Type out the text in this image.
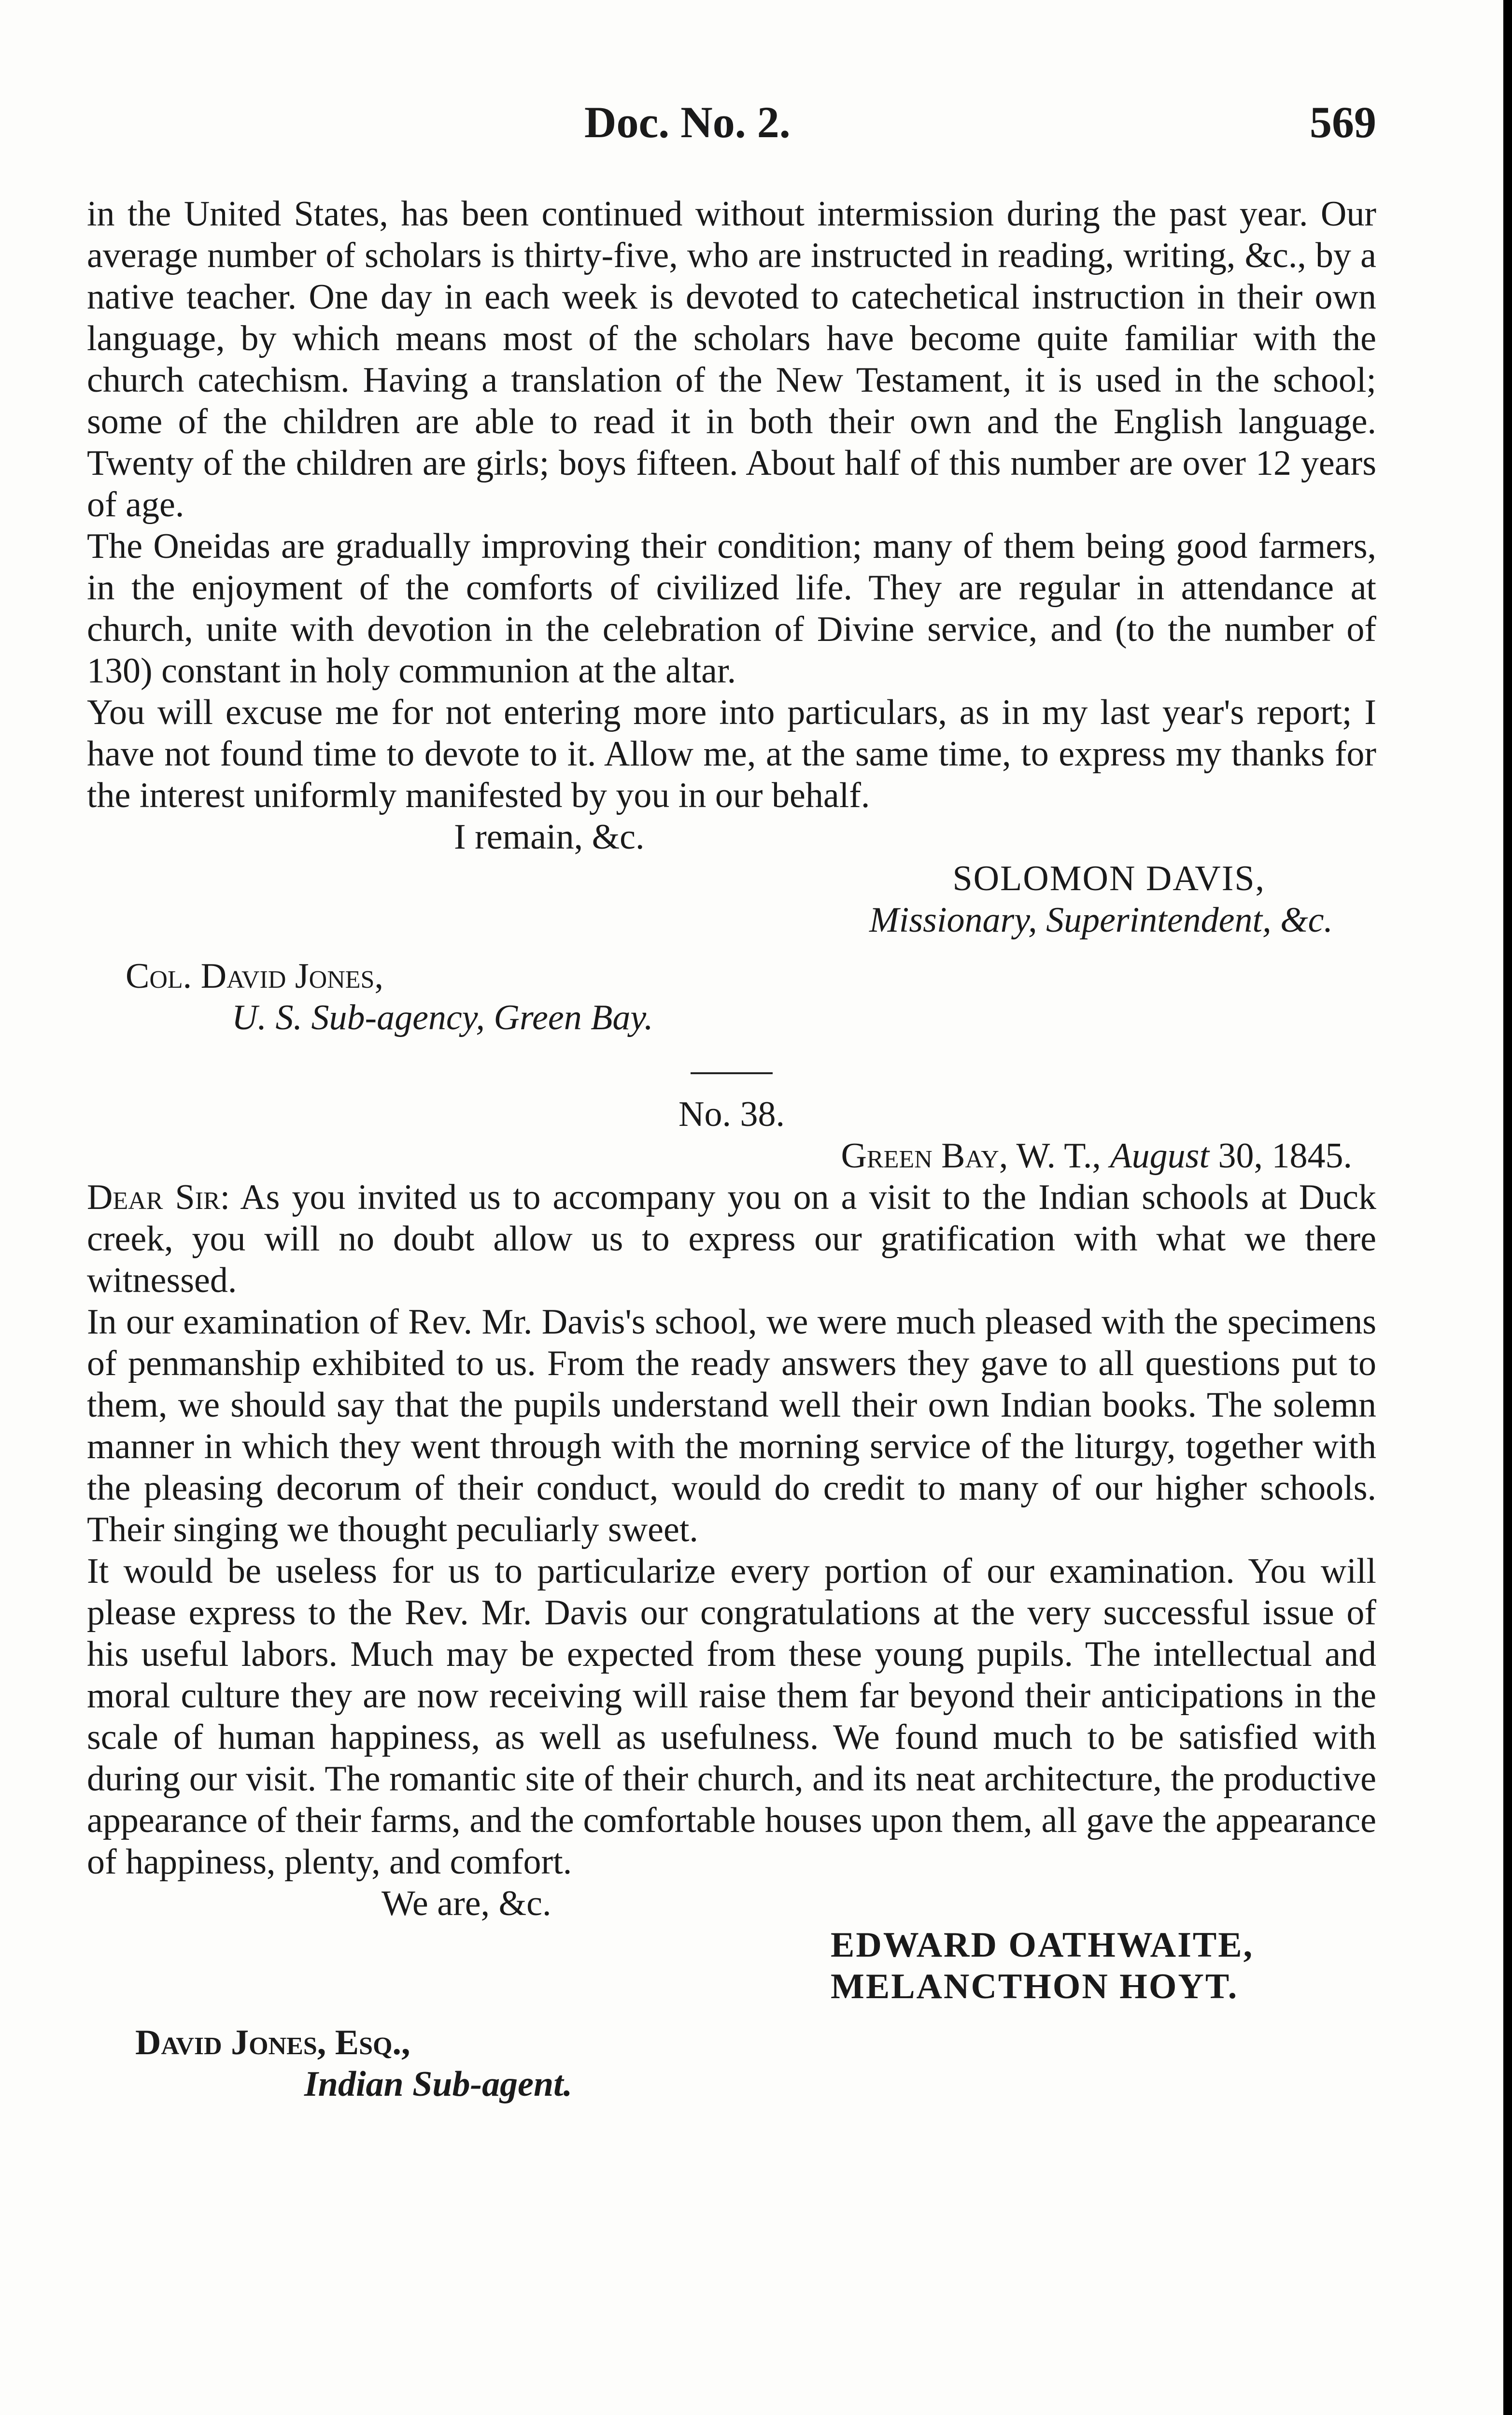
Doc. No. 2.	569

in the United States, has been continued without intermission during the past year. Our average number of scholars is thirty-five, who are instructed in reading, writing, &c., by a native teacher. One day in each week is devoted to catechetical instruction in their own language, by which means most of the scholars have become quite familiar with the church catechism. Having a translation of the New Testament, it is used in the school; some of the children are able to read it in both their own and the English language. Twenty of the children are girls; boys fifteen. About half of this number are over 12 years of age.

The Oneidas are gradually improving their condition; many of them being good farmers, in the enjoyment of the comforts of civilized life. They are regular in attendance at church, unite with devotion in the celebration of Divine service, and (to the number of 130) constant in holy communion at the altar.

You will excuse me for not entering more into particulars, as in my last year's report; I have not found time to devote to it. Allow me, at the same time, to express my thanks for the interest uniformly manifested by you in our behalf.

I remain, &c.

SOLOMON DAVIS,

Missionary, Superintendent, &c.

Col. David Jones,
U. S. Sub-agency, Green Bay.

No. 38.

Green Bay, W. T., August 30, 1845.

Dear Sir: As you invited us to accompany you on a visit to the Indian schools at Duck creek, you will no doubt allow us to express our gratification with what we there witnessed.

In our examination of Rev. Mr. Davis's school, we were much pleased with the specimens of penmanship exhibited to us. From the ready answers they gave to all questions put to them, we should say that the pupils understand well their own Indian books. The solemn manner in which they went through with the morning service of the liturgy, together with the pleasing decorum of their conduct, would do credit to many of our higher schools. Their singing we thought peculiarly sweet.

It would be useless for us to particularize every portion of our examination. You will please express to the Rev. Mr. Davis our congratulations at the very successful issue of his useful labors. Much may be expected from these young pupils. The intellectual and moral culture they are now receiving will raise them far beyond their anticipations in the scale of human happiness, as well as usefulness. We found much to be satisfied with during our visit. The romantic site of their church, and its neat architecture, the productive appearance of their farms, and the comfortable houses upon them, all gave the appearance of happiness, plenty, and comfort.

We are, &c.

EDWARD OATHWAITE,

MELANCTHON HOYT.

David Jones, Esq.,
Indian Sub-agent.
